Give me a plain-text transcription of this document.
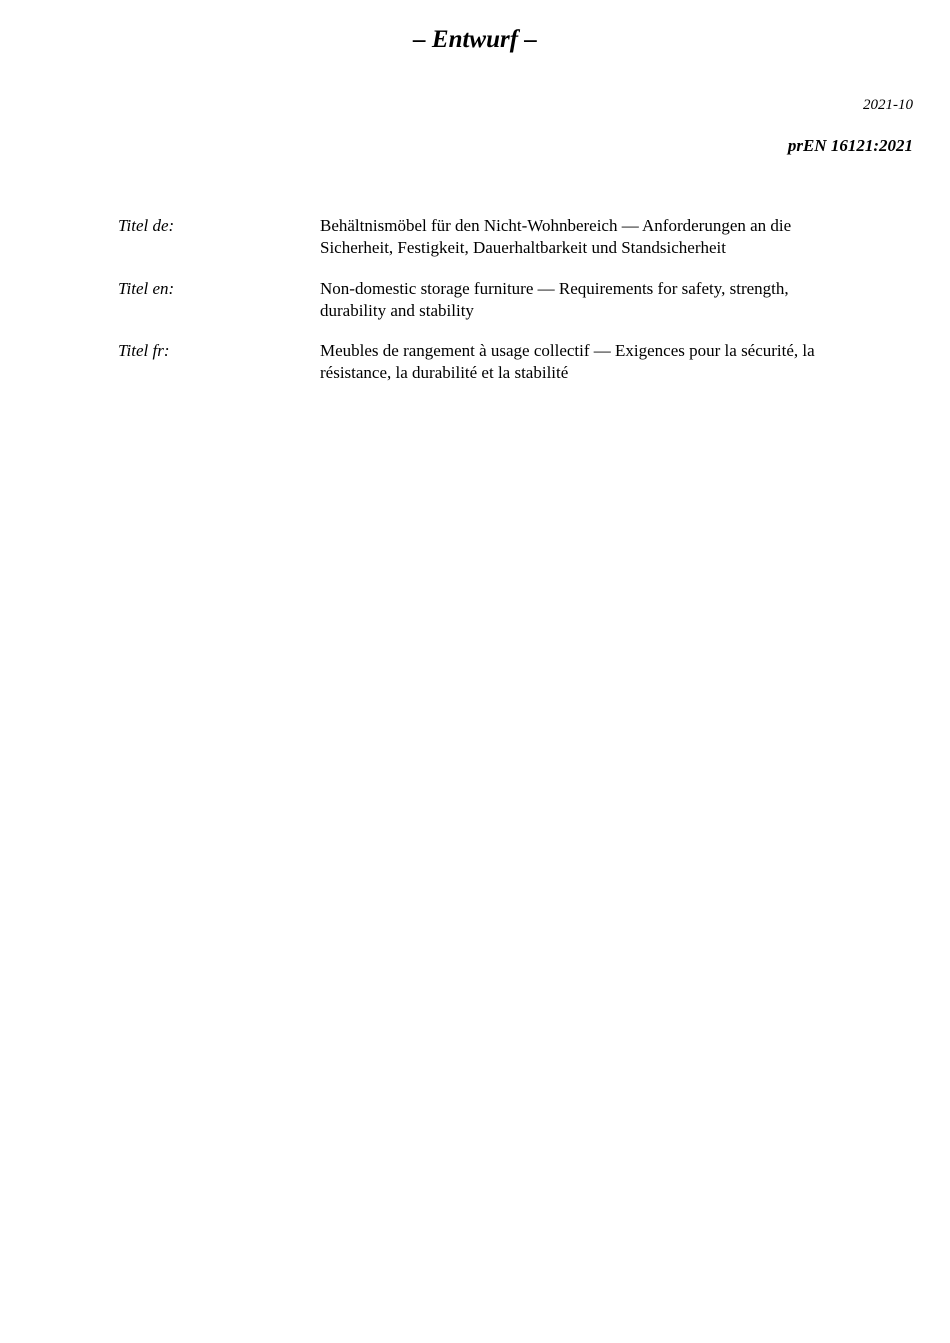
– Entwurf –
2021-10
prEN 16121:2021
Titel de:	Behältnismöbel für den Nicht-Wohnbereich — Anforderungen an die
Sicherheit, Festigkeit, Dauerhaltbarkeit und Standsicherheit
Titel en:	Non-domestic storage furniture — Requirements for safety, strength,
durability and stability
Titel fr:	Meubles de rangement à usage collectif — Exigences pour la sécurité, la
résistance, la durabilité et la stabilité
